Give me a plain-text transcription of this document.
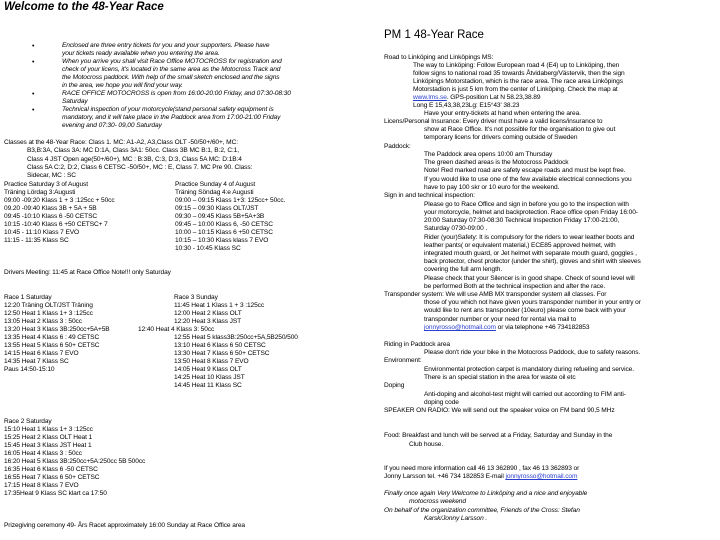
Welcome to the 48-Year Race
•	Enclosed are three entry tickets for you and your supporters. Please have
your tickets ready available when you entering the area.
•	When you arrive you shall visit Race Office MOTOCROSS for registration and
check of your licens, it's located in the same area as the Motocross Track and
the Motocross paddock. With help of the small sketch enclosed and the signs
in the area, we hope you will find your way.
•	RACE OFFICE MOTOCROSS is open from 16:00-20:00 Friday, and 07:30-08:30
Saturday
•	Technical inspection of your motorcycle(stand personal safety equipment is
mandatory, and it will take place in the Paddock area from 17:00-21:00 Friday
evening and 07:30- 09,00 Saturday
Classes at the 48-Year Race: Class 1. MC: A1-A2, A3,Class OLT -50/50+/60+, MC:
B3,B:3A, Class 3A: MC D:1A, Class 3A1: 50cc. Class 3B MC B:1, B:2, C:1,
Class 4 JST Open age(50+/60+), MC : B:3B, C:3, D:3, Class 5A MC: D:1B:4
Class 5A C:2, D:2, Class 6 CETSC -50/50+, MC : E, Class 7. MC Pre 90. Class:
Sidecar, MC : SC
Practice Saturday 3 of August	Practice Sunday 4 of August
Träning Lördag 3:Augusti	Träning Söndag 4:e Augusti
09:00 -09:20 Klass 1 + 3 :125cc + 50cc	09:00 – 09:15 Klass 1+3: 125cc+ 50cc.
09.20 -09:40 Klass 3B + 5A + 5B	09:15 – 09:30 Klass OLT/JST
09:45 -10:10 Klass 6 -50 CETSC	09:30 – 09:45 Klass 5B+5A+3B
10:15 -10:40 Klass 6 +50 CETSC+ 7	09:45 – 10:00 Klass 6, -50 CETSC
10:45 - 11:10 Klass 7 EVO	10:00 – 10:15 Klass 6 +50 CETSC
11:15 - 11:35 Klass SC	10:15 – 10:30 Klass klass 7 EVO
10:30 - 10:45 Klass SC
Drivers Meeting: 11:45 at Race Office Note!!! only Saturday
Race 1 Saturday	Race 3 Sunday
12:20 Träning OLT/JST Träning	11:45 Heat 1 Klass 1 + 3 :125cc
12:50 Heat 1 Klass 1+ 3 :125cc	12:00 Heat 2 Klass OLT
13:05 Heat 2 Klass 3 : 50cc	12:20 Heat 3 Klass JST
13:20 Heat 3 Klass 3B:250cc+5A+5B	12:40 Heat 4 Klass 3: 50cc
13:35 Heat 4 Klass 6 : 49 CETSC	12:55 Heat 5 klass3B:250cc+5A,5B250/500
13:55 Heat 5 Klass 6 50+ CETSC	13:10 Heat 6 Klass 6 50 CETSC
14:15 Heat 6 Klass 7 EVO	13:30 Heat 7 Klass 6 50+ CETSC
14:35 Heat 7 Klass SC	13:50 Heat 8 Klass 7 EVO
Paus 14:50-15:10	14:05 Heat 9 Klass OLT
14:25 Heat 10 Klass JST
14:45 Heat 11 Klass SC
Race 2 Saturday
15:10 Heat 1 Klass 1+ 3 :125cc
15:25 Heat 2 Klass OLT Heat 1
15:45 Heat 3 Klass JST Heat 1
16:05 Heat 4 Klass 3 : 50cc
16:20 Heat 5 Klass 3B:250cc+5A:250cc 5B 500cc
16:35 Heat 6 Klass 6 -50 CETSC
16:55 Heat 7 Klass 6 50+ CETSC
17:15 Heat 8 Klass 7 EVO
17:35Heat 9 Klass SC klart ca 17:50
Prizegiving ceremony 49- Års Racet approximately 16:00 Sunday at Race Office area
PM 1 48-Year Race
Road to Linköping and Linköpings MS:
The way to Linköping: Follow European road 4 (E4) up to Linköping, then
follow signs to national road 35 towards Åtvidaberg/Västervik, then the sign
Linköpings Motorstadion, which is the race area. The race area Linköpings
Motorstadion is just 5 km from the center of Linköping. Check the map at
www.lms.se. GPS-position Lat N 58.23,38.89
Long E 15,43,38,23Lg: E15°43' 38.23
Have your entry-tickets at hand when entering the area.
Licens/Personal Insurance: Every driver must have a valid licens/insurance to
show at Race Office. It's not possible for the organisation to give out
temporary licens for drivers coming outside of Sweden
Paddock:
The Paddock area opens 10:00 am Thursday
The green dashed areas is the Motocross Paddock
Note! Red marked road are safety escape roads and must be kept free.
If you would like to use one of the few available electrical connections you
have to pay 100 skr or 10 euro for the weekend.
Sign in and technical inspection:
Please go to Race Office and sign in before you go to the inspection with
your motorcycle, helmet and backprotection. Race office open Friday 16:00-
20:00 Saturday 07:30-08:30 Technical Inspection Friday 17:00-21:00,
Saturday 0730-09:00 .
Rider (your)Safety: It is compulsory for the riders to wear leather boots and
leather pants( or equivalent material,) ECE85 approved helmet, with
integrated mouth guard, or Jet helmet with separate mouth guard, goggles ,
back protector, chest protector (under the shirt), gloves and shirt with sleeves
covering the full arm length.
Please check that your Silencer is in good shape. Check of sound level will
be performed Both at the technical inspection and after the race.
Transponder system: We will use AMB MX transponder system all classes. For
those of you which not have given yours transponder number in your entry or
would like to rent ans transponder (10euro) please come back with your
transponder number or your need for rental via mail to
jonnyrosso@hotmail.com or via telephone +46 734182853
Riding in Paddock area
Please don't ride your bike in the Motocross Paddock, due to safety reasons.
Environment:
Environmental protection carpet is mandatory during refueling and service.
There is an special station in the area for waste oil etc
Doping
Anti-doping and alcohol-test might will carried out according to FIM anti-
doping code
SPEAKER ON RADIO: We will send out the speaker voice on FM band 90,5 MHz
Food: Breakfast and lunch will be served at a Friday, Saturday and Sunday in the
Club house.
If you need more information call 46 13 362890 , fax 46 13 362893 or
Jonny Larsson tel. +46 734 182853 E-mail jonnyrosso@hotmail.com
Finally once again Very Welcome to Linköping and a nice and enjoyable
motocross weekend
On behalf of the organization committee, Friends of the Cross: Stefan
Karsk/Jonny Larsson .
